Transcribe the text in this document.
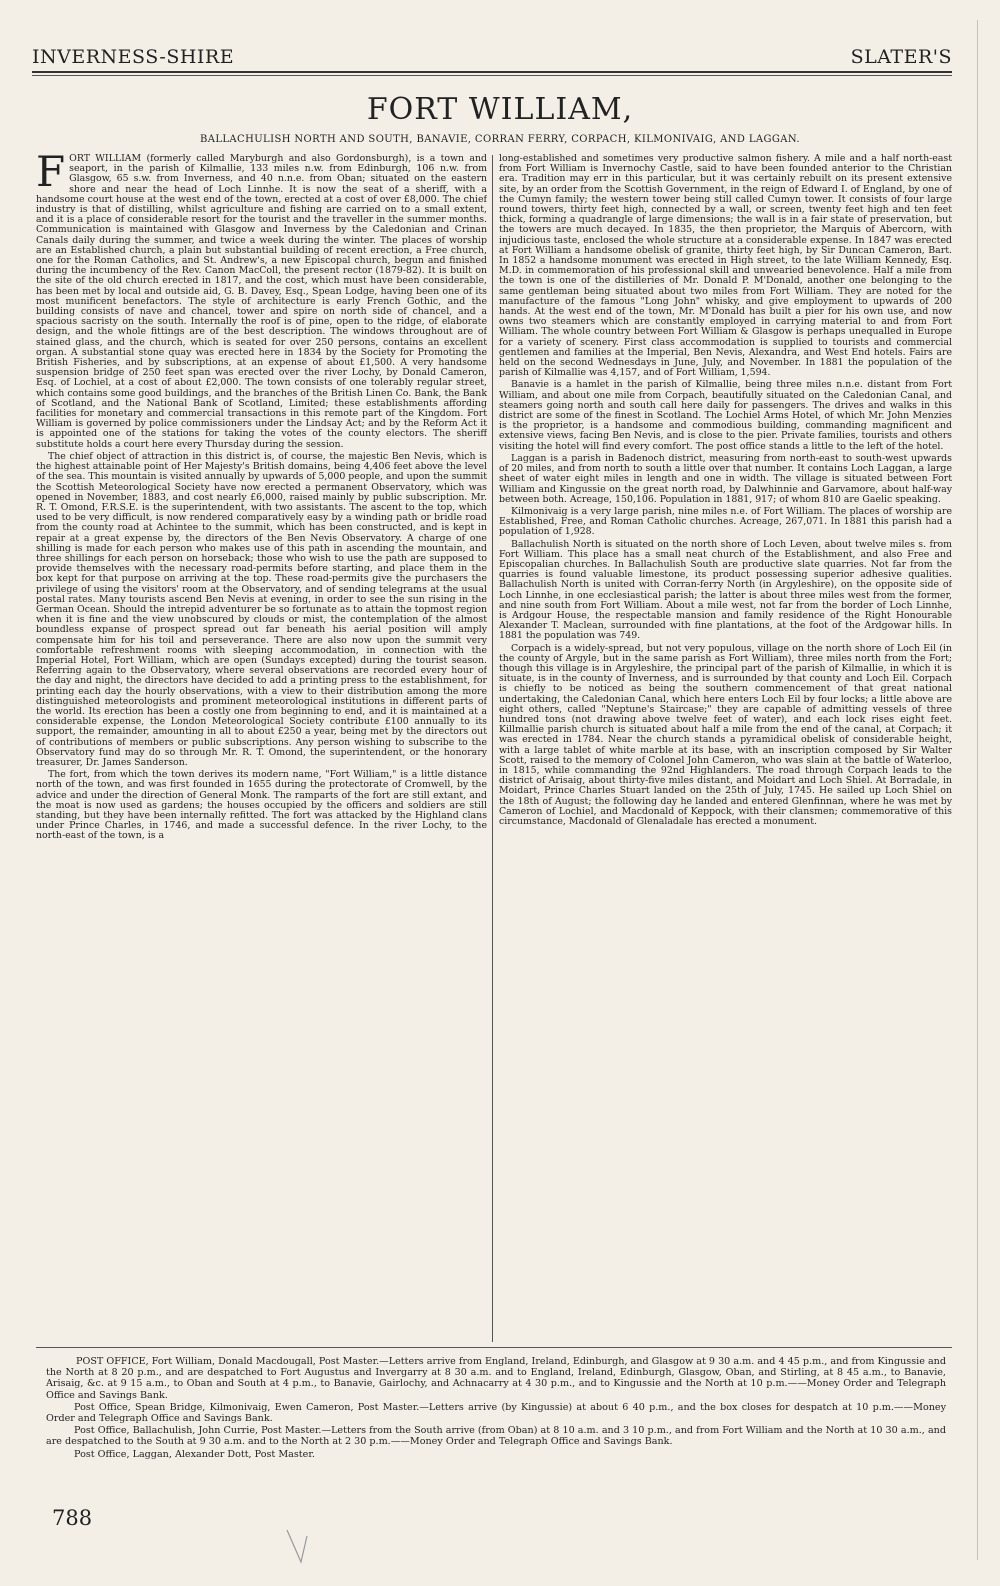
INVERNESS-SHIRE	SLATER'S
FORT WILLIAM,
BALLACHULISH NORTH AND SOUTH, BANAVIE, CORRAN FERRY, CORPACH, KILMONIVAIG, AND LAGGAN.

FORT WILLIAM (formerly called Maryburgh and also Gordonsburgh), is a town and seaport, in the parish of Kilmallie, 133 miles n.w. from Edinburgh, 106 n.w. from Glasgow, 65 s.w. from Inverness, and 40 n.n.e. from Oban; situated on the eastern shore and near the head of Loch Linnhe. It is now the seat of a sheriff, with a handsome court house at the west end of the town, erected at a cost of over £8,000. The chief industry is that of distilling, whilst agriculture and fishing are carried on to a small extent, and it is a place of considerable resort for the tourist and the traveller in the summer months. Communication is maintained with Glasgow and Inverness by the Caledonian and Crinan Canals daily during the summer, and twice a week during the winter. The places of worship are an Established church, a plain but substantial building of recent erection, a Free church, one for the Roman Catholics, and St. Andrew's, a new Episcopal church, begun and finished during the incumbency of the Rev. Canon MacColl, the present rector (1879-82). It is built on the site of the old church erected in 1817, and the cost, which must have been considerable, has been met by local and outside aid, G. B. Davey, Esq., Spean Lodge, having been one of its most munificent benefactors. The style of architecture is early French Gothic, and the building consists of nave and chancel, tower and spire on north side of chancel, and a spacious sacristy on the south. Internally the roof is of pine, open to the ridge, of elaborate design, and the whole fittings are of the best description. The windows throughout are of stained glass, and the church, which is seated for over 250 persons, contains an excellent organ. A substantial stone quay was erected here in 1834 by the Society for Promoting the British Fisheries, and by subscriptions, at an expense of about £1,500. A very handsome suspension bridge of 250 feet span was erected over the river Lochy, by Donald Cameron, Esq. of Lochiel, at a cost of about £2,000. The town consists of one tolerably regular street, which contains some good buildings, and the branches of the British Linen Co. Bank, the Bank of Scotland, and the National Bank of Scotland, Limited; these establishments affording facilities for monetary and commercial transactions in this remote part of the Kingdom. Fort William is governed by police commissioners under the Lindsay Act; and by the Reform Act it is appointed one of the stations for taking the votes of the county electors. The sheriff substitute holds a court here every Thursday during the session.

The chief object of attraction in this district is, of course, the majestic Ben Nevis, which is the highest attainable point of Her Majesty's British domains, being 4,406 feet above the level of the sea. This mountain is visited annually by upwards of 5,000 people, and upon the summit the Scottish Meteorological Society have now erected a permanent Observatory, which was opened in November, 1883, and cost nearly £6,000, raised mainly by public subscription. Mr. R. T. Omond, F.R.S.E. is the superintendent, with two assistants. The ascent to the top, which used to be very difficult, is now rendered comparatively easy by a winding path or bridle road from the county road at Achintee to the summit, which has been constructed, and is kept in repair at a great expense by, the directors of the Ben Nevis Observatory. A charge of one shilling is made for each person who makes use of this path in ascending the mountain, and three shillings for each person on horseback; those who wish to use the path are supposed to provide themselves with the necessary road-permits before starting, and place them in the box kept for that purpose on arriving at the top. These road-permits give the purchasers the privilege of using the visitors' room at the Observatory, and of sending telegrams at the usual postal rates. Many tourists ascend Ben Nevis at evening, in order to see the sun rising in the German Ocean. Should the intrepid adventurer be so fortunate as to attain the topmost region when it is fine and the view unobscured by clouds or mist, the contemplation of the almost boundless expanse of prospect spread out far beneath his aerial position will amply compensate him for his toil and perseverance. There are also now upon the summit very comfortable refreshment rooms with sleeping accommodation, in connection with the Imperial Hotel, Fort William, which are open (Sundays excepted) during the tourist season. Referring again to the Observatory, where several observations are recorded every hour of the day and night, the directors have decided to add a printing press to the establishment, for printing each day the hourly observations, with a view to their distribution among the more distinguished meteorologists and prominent meteorological institutions in different parts of the world. Its erection has been a costly one from beginning to end, and it is maintained at a considerable expense, the London Meteorological Society contribute £100 annually to its support, the remainder, amounting in all to about £250 a year, being met by the directors out of contributions of members or public subscriptions. Any person wishing to subscribe to the Observatory fund may do so through Mr. R. T. Omond, the superintendent, or the honorary treasurer, Dr. James Sanderson.

The fort, from which the town derives its modern name, "Fort William," is a little distance north of the town, and was first founded in 1655 during the protectorate of Cromwell, by the advice and under the direction of General Monk. The ramparts of the fort are still extant, and the moat is now used as gardens; the houses occupied by the officers and soldiers are still standing, but they have been internally refitted. The fort was attacked by the Highland clans under Prince Charles, in 1746, and made a successful defence. In the river Lochy, to the north-east of the town, is a

long-established and sometimes very productive salmon fishery. A mile and a half north-east from Fort William is Invernochy Castle, said to have been founded anterior to the Christian era. Tradition may err in this particular, but it was certainly rebuilt on its present extensive site, by an order from the Scottish Government, in the reign of Edward I. of England, by one of the Cumyn family; the western tower being still called Cumyn tower. It consists of four large round towers, thirty feet high, connected by a wall, or screen, twenty feet high and ten feet thick, forming a quadrangle of large dimensions; the wall is in a fair state of preservation, but the towers are much decayed. In 1835, the then proprietor, the Marquis of Abercorn, with injudicious taste, enclosed the whole structure at a considerable expense. In 1847 was erected at Fort William a handsome obelisk of granite, thirty feet high, by Sir Duncan Cameron, Bart. In 1852 a handsome monument was erected in High street, to the late William Kennedy, Esq. M.D. in commemoration of his professional skill and unwearied benevolence. Half a mile from the town is one of the distilleries of Mr. Donald P. M'Donald, another one belonging to the same gentleman being situated about two miles from Fort William. They are noted for the manufacture of the famous "Long John" whisky, and give employment to upwards of 200 hands. At the west end of the town, Mr. M'Donald has built a pier for his own use, and now owns two steamers which are constantly employed in carrying material to and from Fort William. The whole country between Fort William & Glasgow is perhaps unequalled in Europe for a variety of scenery. First class accommodation is supplied to tourists and commercial gentlemen and families at the Imperial, Ben Nevis, Alexandra, and West End hotels. Fairs are held on the second Wednesdays in June, July, and November. In 1881 the population of the parish of Kilmallie was 4,157, and of Fort William, 1,594.

Banavie is a hamlet in the parish of Kilmallie, being three miles n.n.e. distant from Fort William, and about one mile from Corpach, beautifully situated on the Caledonian Canal, and steamers going north and south call here daily for passengers. The drives and walks in this district are some of the finest in Scotland. The Lochiel Arms Hotel, of which Mr. John Menzies is the proprietor, is a handsome and commodious building, commanding magnificent and extensive views, facing Ben Nevis, and is close to the pier. Private families, tourists and others visiting the hotel will find every comfort. The post office stands a little to the left of the hotel.

Laggan is a parish in Badenoch district, measuring from north-east to south-west upwards of 20 miles, and from north to south a little over that number. It contains Loch Laggan, a large sheet of water eight miles in length and one in width. The village is situated between Fort William and Kingussie on the great north road, by Dalwhinnie and Garvamore, about half-way between both. Acreage, 150,106. Population in 1881, 917; of whom 810 are Gaelic speaking.

Kilmonivaig is a very large parish, nine miles n.e. of Fort William. The places of worship are Established, Free, and Roman Catholic churches. Acreage, 267,071. In 1881 this parish had a population of 1,928.

Ballachulish North is situated on the north shore of Loch Leven, about twelve miles s. from Fort William. This place has a small neat church of the Establishment, and also Free and Episcopalian churches. In Ballachulish South are productive slate quarries. Not far from the quarries is found valuable limestone, its product possessing superior adhesive qualities. Ballachulish North is united with Corran-ferry North (in Argyleshire), on the opposite side of Loch Linnhe, in one ecclesiastical parish; the latter is about three miles west from the former, and nine south from Fort William. About a mile west, not far from the border of Loch Linnhe, is Ardgour House, the respectable mansion and family residence of the Right Honourable Alexander T. Maclean, surrounded with fine plantations, at the foot of the Ardgowar hills. In 1881 the population was 749.

Corpach is a widely-spread, but not very populous, village on the north shore of Loch Eil (in the county of Argyle, but in the same parish as Fort William), three miles north from the Fort; though this village is in Argyleshire, the principal part of the parish of Kilmallie, in which it is situate, is in the county of Inverness, and is surrounded by that county and Loch Eil. Corpach is chiefly to be noticed as being the southern commencement of that great national undertaking, the Caledonian Canal, which here enters Loch Eil by four locks; a little above are eight others, called "Neptune's Staircase;" they are capable of admitting vessels of three hundred tons (not drawing above twelve feet of water), and each lock rises eight feet. Killmallie parish church is situated about half a mile from the end of the canal, at Corpach; it was erected in 1784. Near the church stands a pyramidical obelisk of considerable height, with a large tablet of white marble at its base, with an inscription composed by Sir Walter Scott, raised to the memory of Colonel John Cameron, who was slain at the battle of Waterloo, in 1815, while commanding the 92nd Highlanders. The road through Corpach leads to the district of Arisaig, about thirty-five miles distant, and Moidart and Loch Shiel. At Borradale, in Moidart, Prince Charles Stuart landed on the 25th of July, 1745. He sailed up Loch Shiel on the 18th of August; the following day he landed and entered Glenfinnan, where he was met by Cameron of Lochiel, and Macdonald of Keppock, with their clansmen; commemorative of this circumstance, Macdonald of Glenaladale has erected a monument.

POST OFFICE, Fort William, Donald Macdougall, Post Master.—Letters arrive from England, Ireland, Edinburgh, and Glasgow at 9 30 a.m. and 4 45 p.m., and from Kingussie and the North at 8 20 p.m., and are despatched to Fort Augustus and Invergarry at 8 30 a.m. and to England, Ireland, Edinburgh, Glasgow, Oban, and Stirling, at 8 45 a.m., to Banavie, Arisaig, &c. at 9 15 a.m., to Oban and South at 4 p.m., to Banavie, Gairlochy, and Achnacarry at 4 30 p.m., and to Kingussie and the North at 10 p.m.——Money Order and Telegraph Office and Savings Bank.

Post Office, Spean Bridge, Kilmonivaig, Ewen Cameron, Post Master.—Letters arrive (by Kingussie) at about 6 40 p.m., and the box closes for despatch at 10 p.m.——Money Order and Telegraph Office and Savings Bank.

Post Office, Ballachulish, John Currie, Post Master.—Letters from the South arrive (from Oban) at 8 10 a.m. and 3 10 p.m., and from Fort William and the North at 10 30 a.m., and are despatched to the South at 9 30 a.m. and to the North at 2 30 p.m.——Money Order and Telegraph Office and Savings Bank.

Post Office, Laggan, Alexander Dott, Post Master.

788
